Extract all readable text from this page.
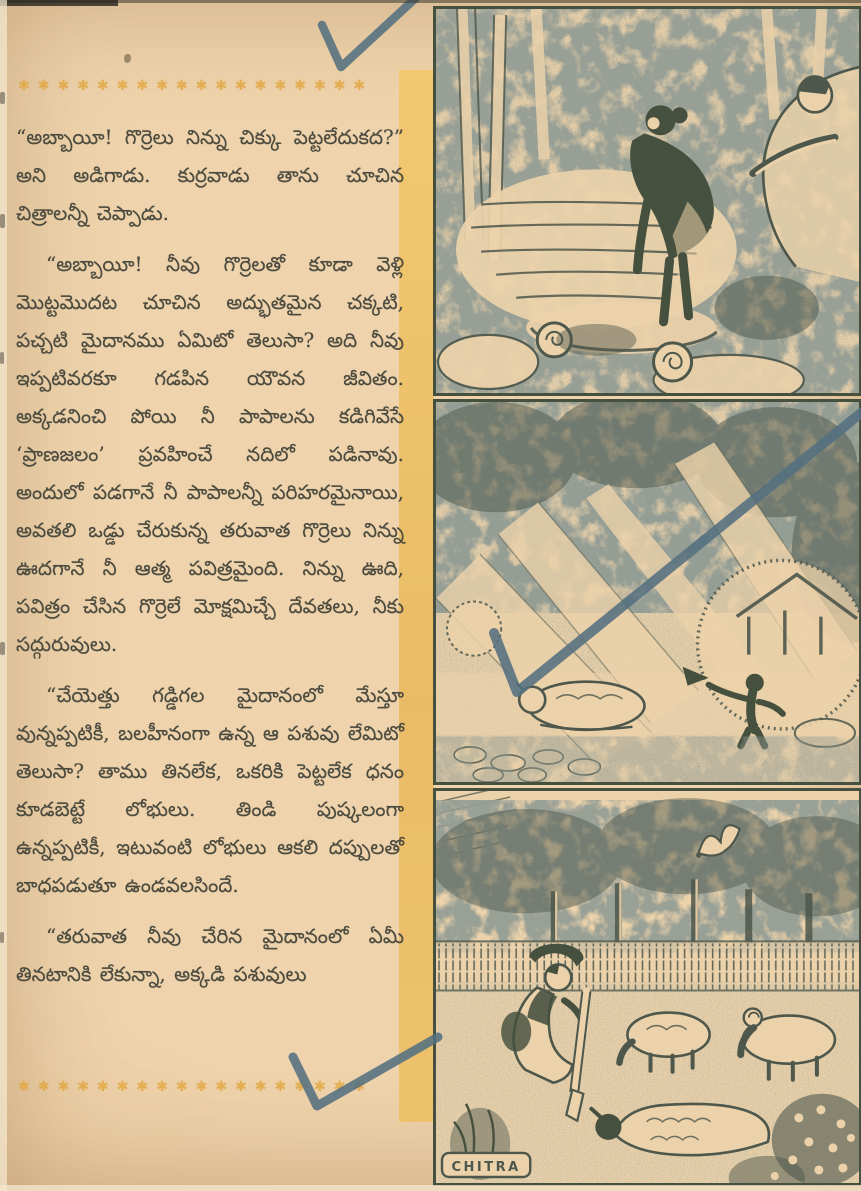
✱✱✱✱✱✱✱✱✱✱✱✱✱✱✱✱✱✱
✱✱✱✱✱✱✱✱✱✱✱✱✱✱✱✱✱✱

“అబ్బాయీ! గొర్రెలు నిన్ను చిక్కు పెట్టలేదుకద?” అని అడిగాడు. కుర్రవాడు తాను చూచిన చిత్రాలన్నీ చెప్పాడు.

“అబ్బాయీ! నీవు గొర్రెలతో కూడా వెళ్లి మొట్టమొదట చూచిన అద్భుతమైన చక్కటి, పచ్చటి మైదానము ఏమిటో తెలుసా? అది నీవు ఇప్పటివరకూ గడపిన యౌవన జీవితం. అక్కడనించి పోయి నీ పాపాలను కడిగివేసే ‘ప్రాణజలం’ ప్రవహించే నదిలో పడినావు. అందులో పడగానే నీ పాపాలన్నీ పరిహరమైనాయి, అవతలి ఒడ్డు చేరుకున్న తరువాత గొర్రెలు నిన్ను ఊదగానే నీ ఆత్మ పవిత్రమైంది. నిన్ను ఊది, పవిత్రం చేసిన గొర్రెలే మోక్షమిచ్చే దేవతలు, నీకు సద్గురువులు.

“చేయెత్తు గడ్డిగల మైదానంలో మేస్తూ వున్నప్పటికీ, బలహీనంగా ఉన్న ఆ పశువు లేమిటో తెలుసా? తాము తినలేక, ఒకరికి పెట్టలేక ధనం కూడబెట్టే లోభులు. తిండి పుష్కలంగా ఉన్నప్పటికీ, ఇటువంటి లోభులు ఆకలి దప్పులతో బాధపడుతూ ఉండవలసిందే.

“తరువాత నీవు చేరిన మైదానంలో ఏమీ తినటానికి లేకున్నా, అక్కడి పశువులు

CHITRA
